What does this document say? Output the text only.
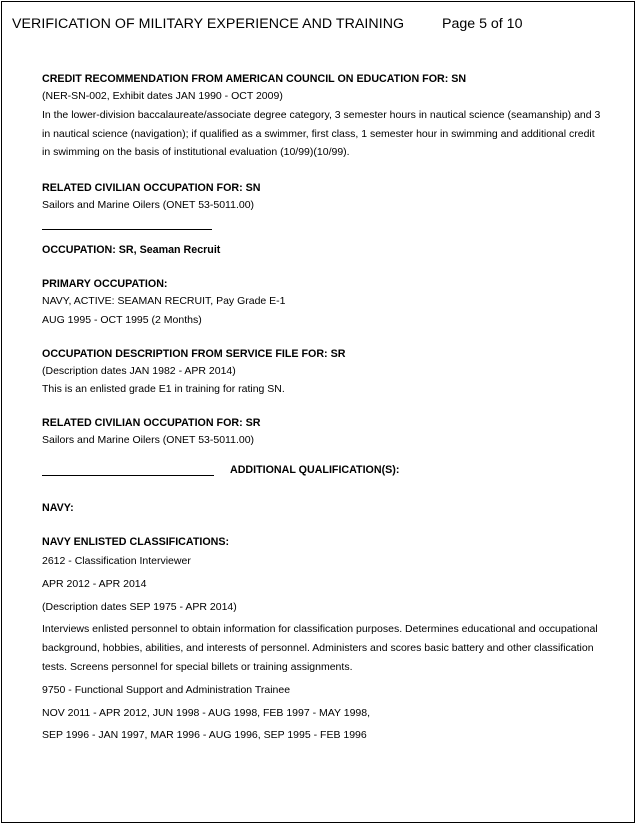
VERIFICATION OF MILITARY EXPERIENCE AND TRAINING	Page 5 of 10
CREDIT RECOMMENDATION FROM AMERICAN COUNCIL ON EDUCATION FOR: SN
(NER-SN-002, Exhibit dates JAN 1990 - OCT 2009)
In the lower-division baccalaureate/associate degree category, 3 semester hours in nautical science (seamanship) and 3 in nautical science (navigation); if qualified as a swimmer, first class, 1 semester hour in swimming and additional credit in swimming on the basis of institutional evaluation (10/99)(10/99).
RELATED CIVILIAN OCCUPATION FOR: SN
Sailors and Marine Oilers (ONET 53-5011.00)
OCCUPATION: SR, Seaman Recruit
PRIMARY OCCUPATION:
NAVY, ACTIVE: SEAMAN RECRUIT, Pay Grade E-1
AUG 1995 - OCT 1995 (2 Months)
OCCUPATION DESCRIPTION FROM SERVICE FILE FOR: SR
(Description dates JAN 1982 - APR 2014)
This is an enlisted grade E1 in training for rating SN.
RELATED CIVILIAN OCCUPATION FOR: SR
Sailors and Marine Oilers (ONET 53-5011.00)
ADDITIONAL QUALIFICATION(S):
NAVY:
NAVY ENLISTED CLASSIFICATIONS:
2612 - Classification Interviewer
APR 2012 - APR 2014
(Description dates SEP 1975 - APR 2014)
Interviews enlisted personnel to obtain information for classification purposes. Determines educational and occupational background, hobbies, abilities, and interests of personnel. Administers and scores basic battery and other classification tests. Screens personnel for special billets or training assignments.
9750 - Functional Support and Administration Trainee
NOV 2011 - APR 2012, JUN 1998 - AUG 1998, FEB 1997 - MAY 1998,
SEP 1996 - JAN 1997, MAR 1996 - AUG 1996, SEP 1995 - FEB 1996
